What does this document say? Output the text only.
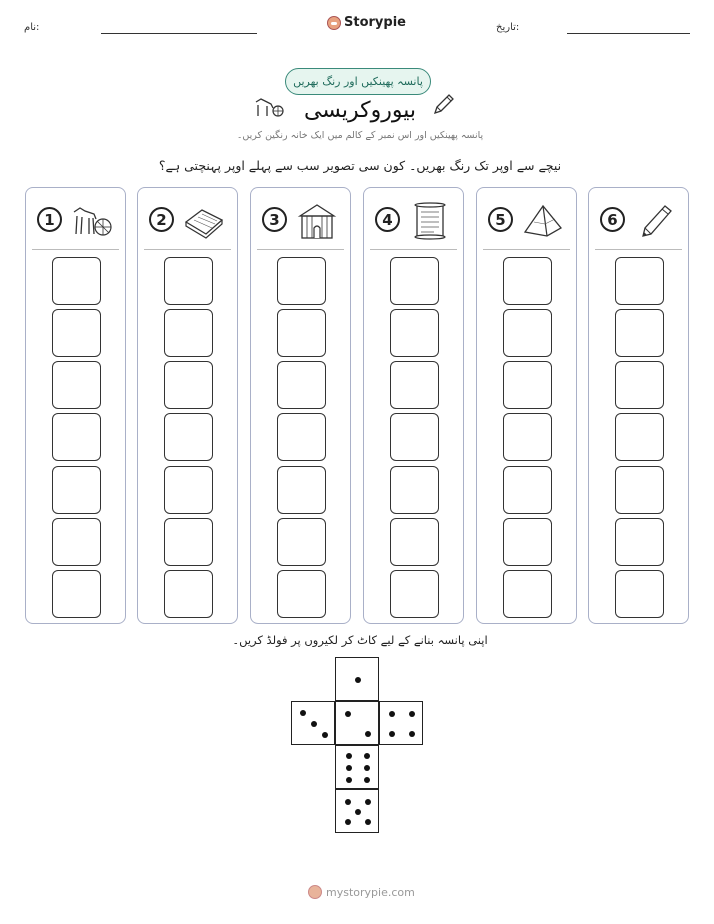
تاریخ:
Storypie
نام:
پانسہ پھینکیں اور رنگ بھریں
بیوروکریسی
پانسہ پھینکیں اور اس نمبر کے کالم میں ایک خانہ رنگین کریں۔
نیچے سے اوپر تک رنگ بھریں۔ کون سی تصویر سب سے پہلے اوپر پہنچتی ہے؟
1	2	3	4	5	6
اپنی پانسہ بنانے کے لیے کاٹ کر لکیروں پر فولڈ کریں۔
mystorypie.com
